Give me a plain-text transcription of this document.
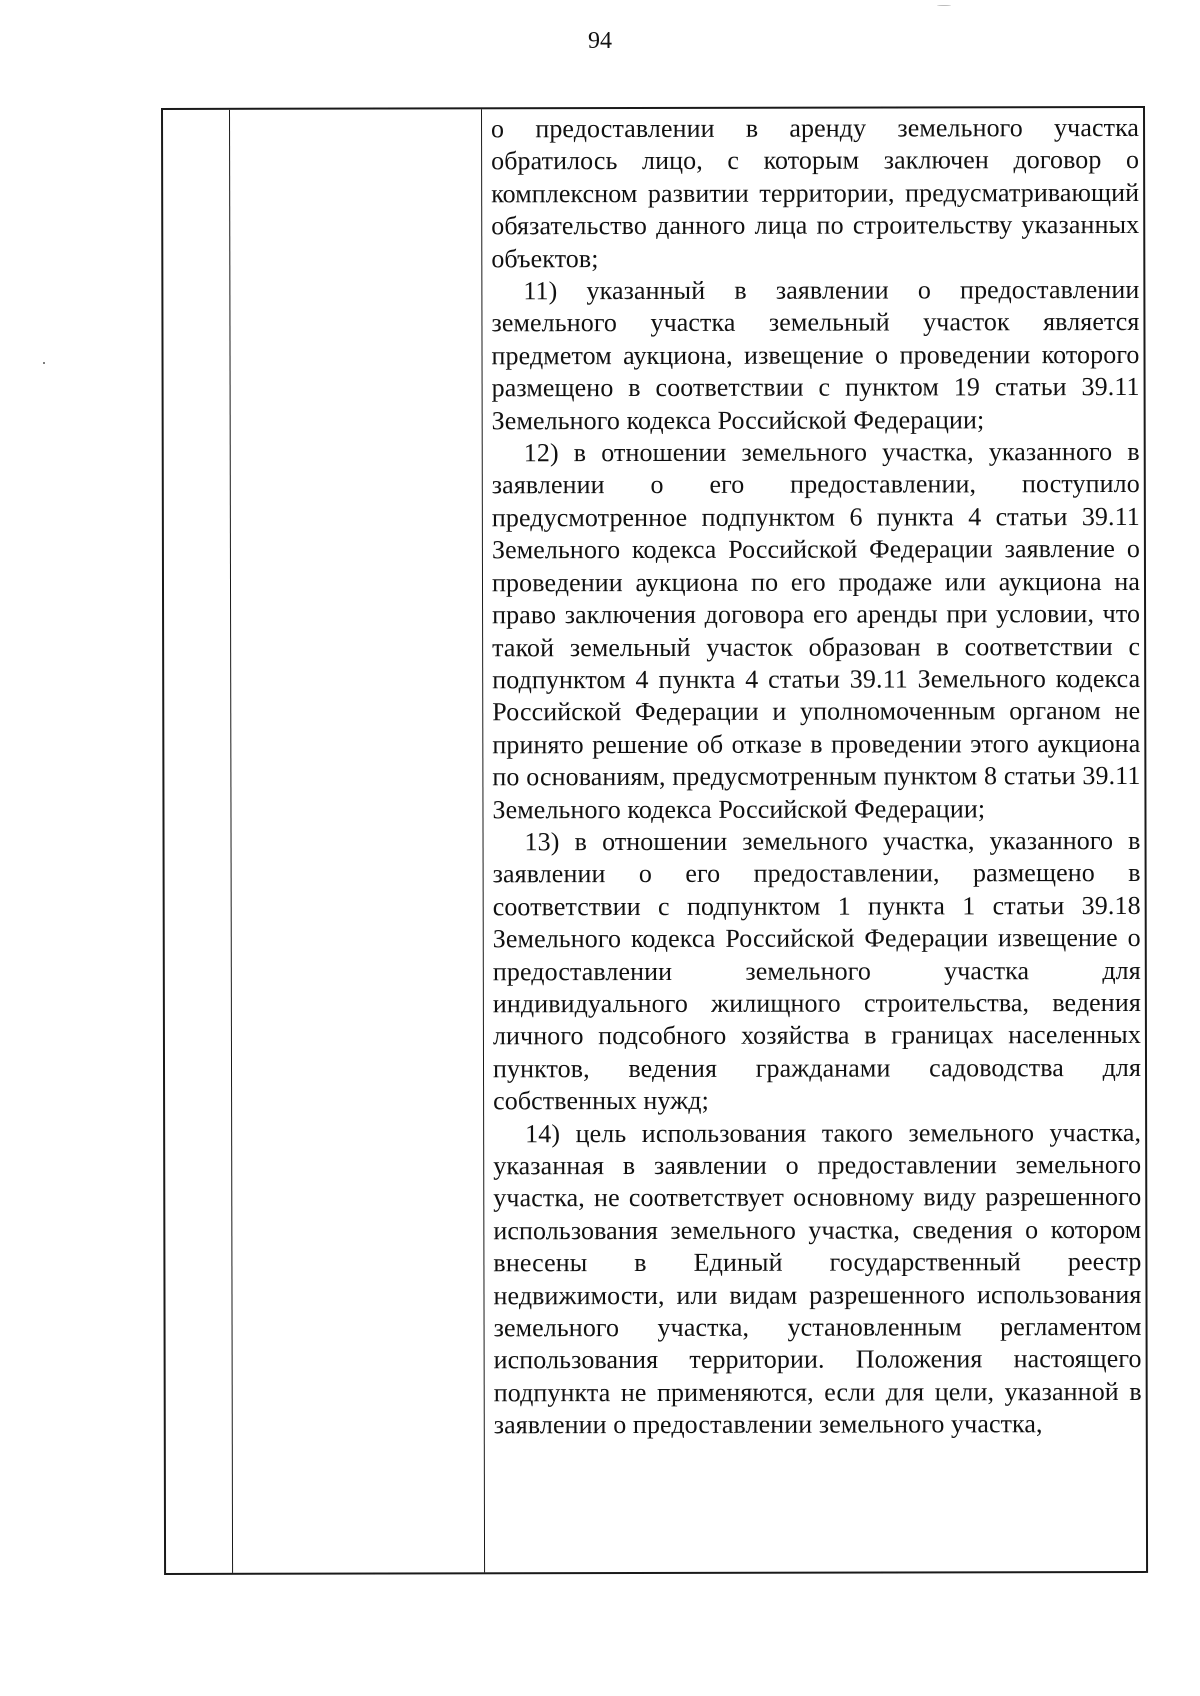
94

о предоставлении в аренду земельного участка обратилось лицо, с которым заключен договор о комплексном развитии территории, предусматривающий обязательство данного лица по строительству указанных объектов;

11) указанный в заявлении о предоставлении земельного участка земельный участок является предметом аукциона, извещение о проведении которого размещено в соответствии с пунктом 19 статьи 39.11 Земельного кодекса Российской Федерации;

12) в отношении земельного участка, указанного в заявлении о его предоставлении, поступило предусмотренное подпунктом 6 пункта 4 статьи 39.11 Земельного кодекса Российской Федерации заявление о проведении аукциона по его продаже или аукциона на право заключения договора его аренды при условии, что такой земельный участок образован в соответствии с подпунктом 4 пункта 4 статьи 39.11 Земельного кодекса Российской Федерации и уполномоченным органом не принято решение об отказе в проведении этого аукциона по основаниям, предусмотренным пунктом 8 статьи 39.11 Земельного кодекса Российской Федерации;

13) в отношении земельного участка, указанного в заявлении о его предоставлении, размещено в соответствии с подпунктом 1 пункта 1 статьи 39.18 Земельного кодекса Российской Федерации извещение о предоставлении земельного участка для индивидуального жилищного строительства, ведения личного подсобного хозяйства в границах населенных пунктов, ведения гражданами садоводства для собственных нужд;

14) цель использования такого земельного участка, указанная в заявлении о предоставлении земельного участка, не соответствует основному виду разрешенного использования земельного участка, сведения о котором внесены в Единый государственный реестр недвижимости, или видам разрешенного использования земельного участка, установленным регламентом использования территории. Положения настоящего подпункта не применяются, если для цели, указанной в заявлении о предоставлении земельного участка,
